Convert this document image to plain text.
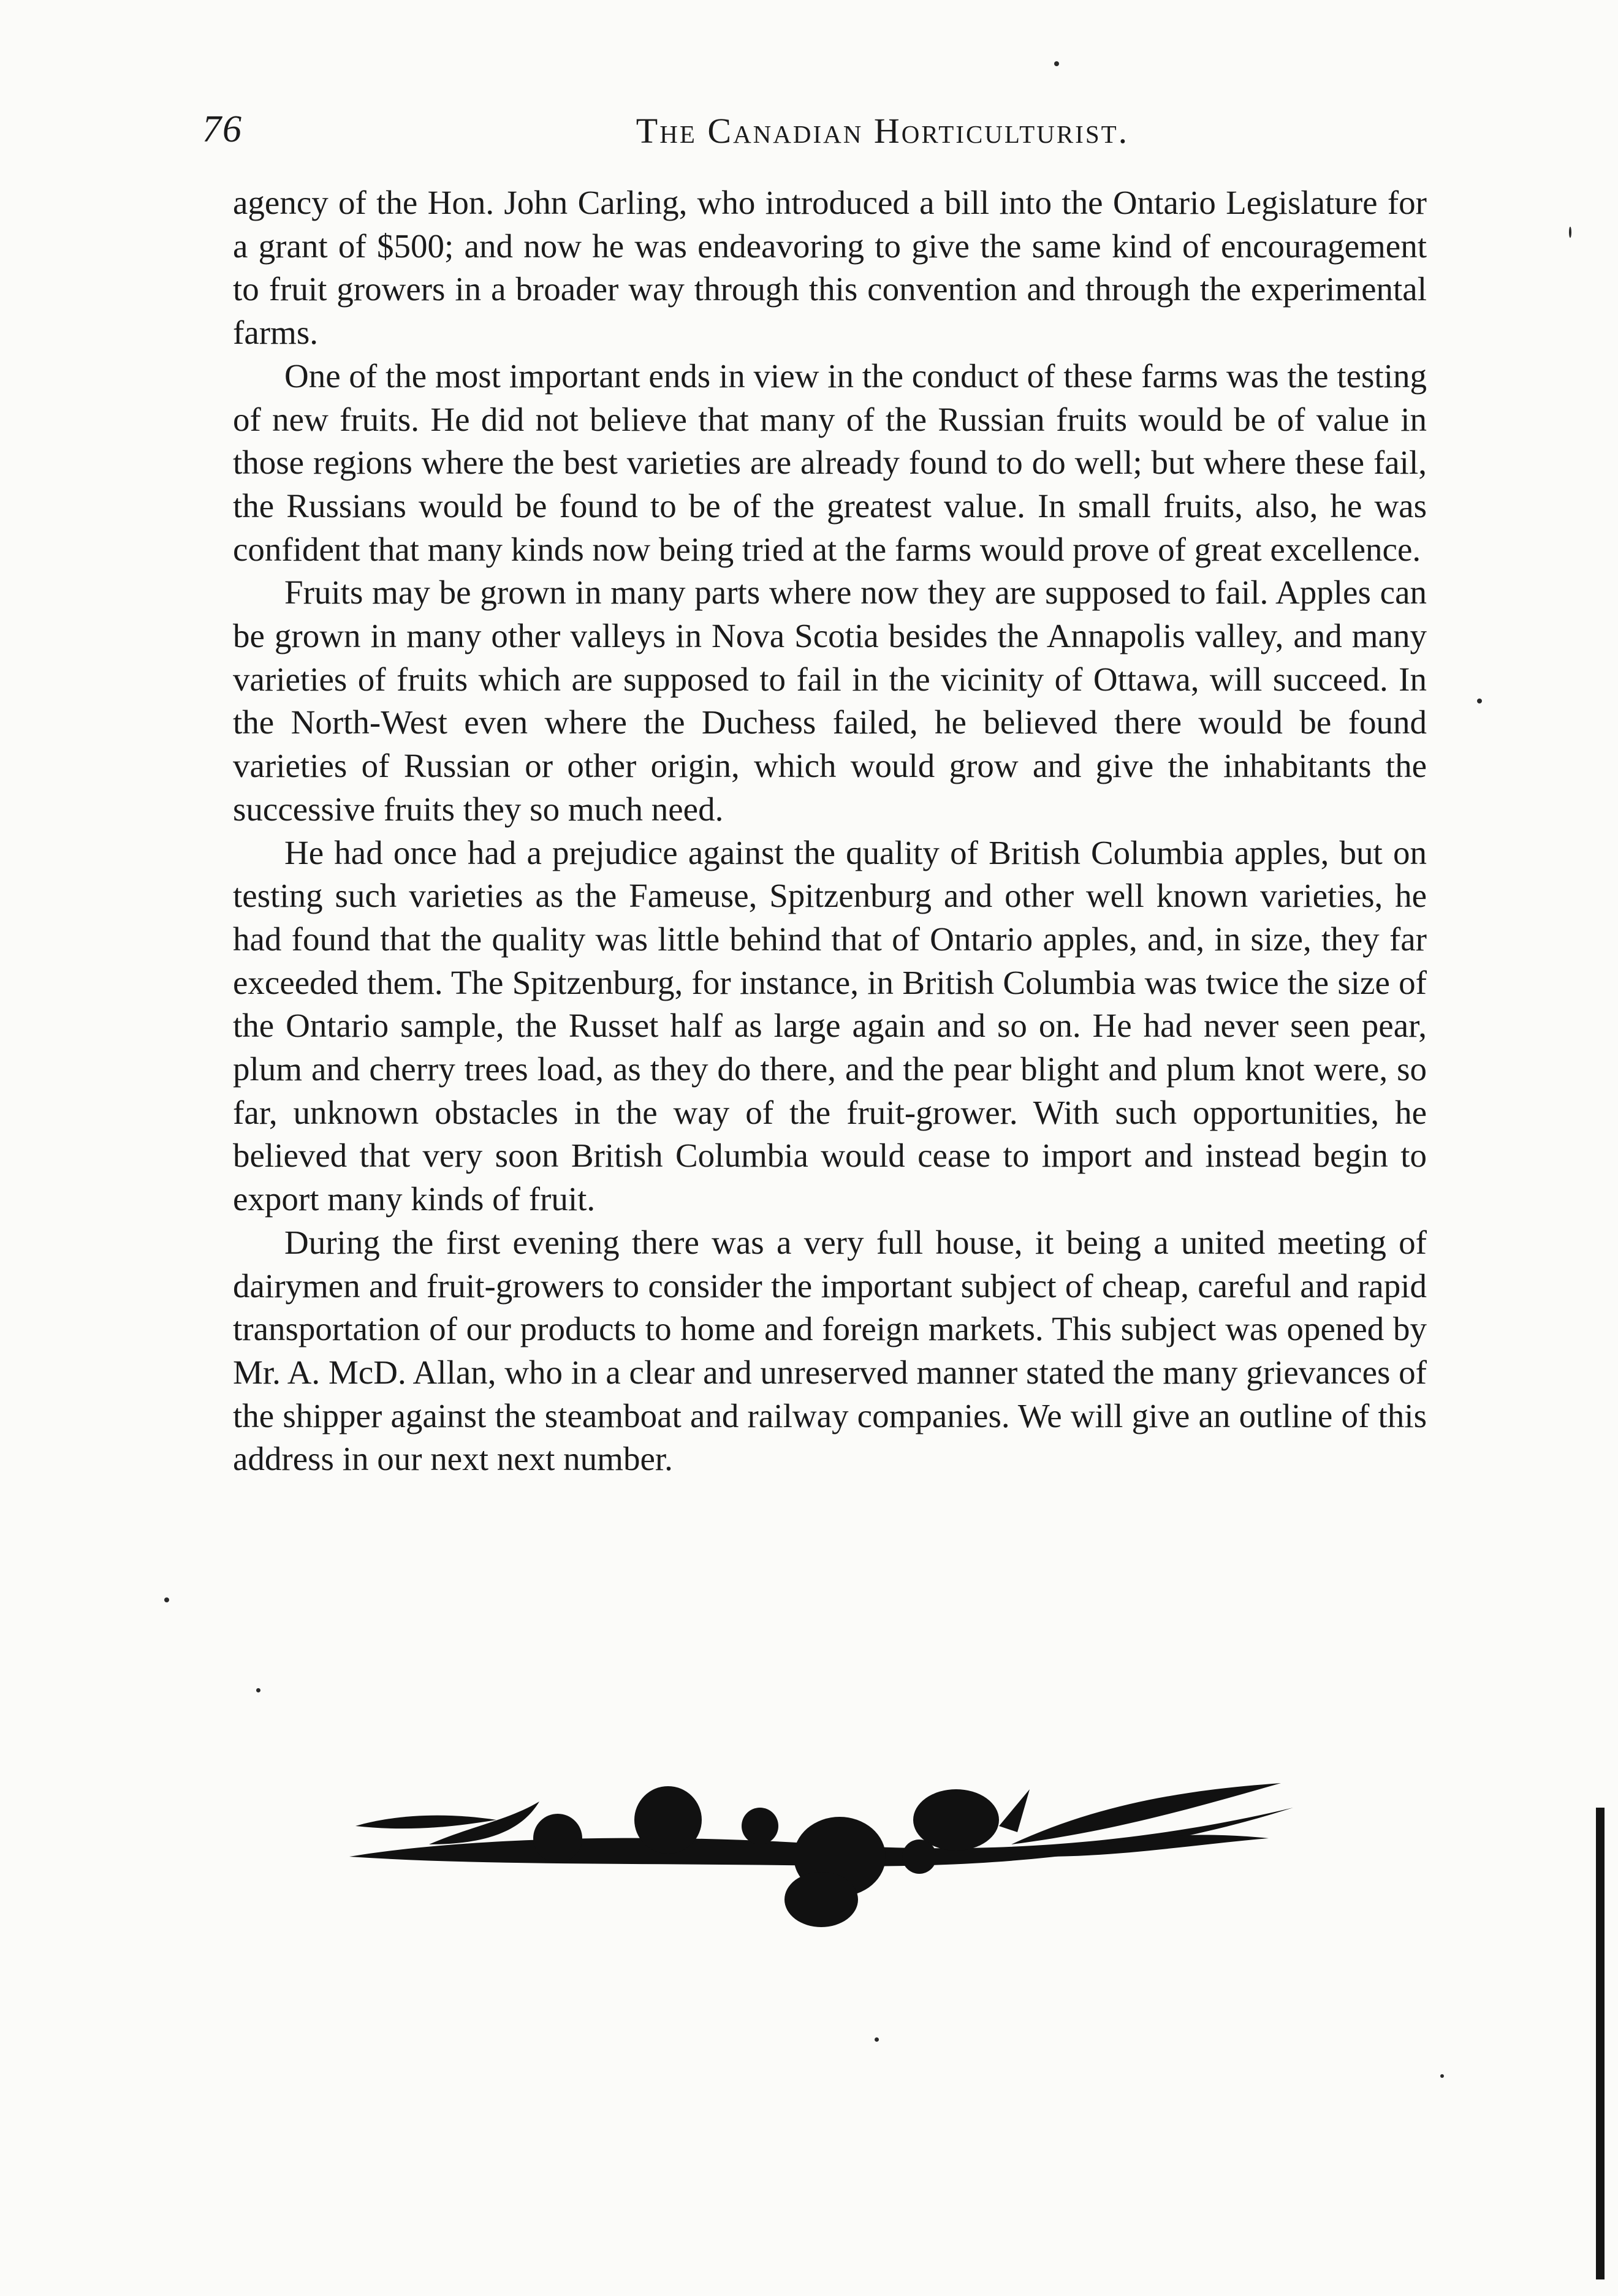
76	The Canadian Horticulturist.

agency of the Hon. John Carling, who introduced a bill into the Ontario Legislature for a grant of $500; and now he was endeavoring to give the same kind of encouragement to fruit growers in a broader way through this convention and through the experimental farms.

One of the most important ends in view in the conduct of these farms was the testing of new fruits. He did not believe that many of the Russian fruits would be of value in those regions where the best varieties are already found to do well; but where these fail, the Russians would be found to be of the greatest value. In small fruits, also, he was confident that many kinds now being tried at the farms would prove of great excellence.

Fruits may be grown in many parts where now they are supposed to fail. Apples can be grown in many other valleys in Nova Scotia besides the Annapolis valley, and many varieties of fruits which are supposed to fail in the vicinity of Ottawa, will succeed. In the North-West even where the Duchess failed, he believed there would be found varieties of Russian or other origin, which would grow and give the inhabitants the successive fruits they so much need.

He had once had a prejudice against the quality of British Columbia apples, but on testing such varieties as the Fameuse, Spitzenburg and other well known varieties, he had found that the quality was little behind that of Ontario apples, and, in size, they far exceeded them. The Spitzenburg, for instance, in British Columbia was twice the size of the Ontario sample, the Russet half as large again and so on. He had never seen pear, plum and cherry trees load, as they do there, and the pear blight and plum knot were, so far, unknown obstacles in the way of the fruit-grower. With such opportunities, he believed that very soon British Columbia would cease to import and instead begin to export many kinds of fruit.

During the first evening there was a very full house, it being a united meeting of dairymen and fruit-growers to consider the important subject of cheap, careful and rapid transportation of our products to home and foreign markets. This subject was opened by Mr. A. McD. Allan, who in a clear and unreserved manner stated the many grievances of the shipper against the steamboat and railway companies. We will give an outline of this address in our next next number.
